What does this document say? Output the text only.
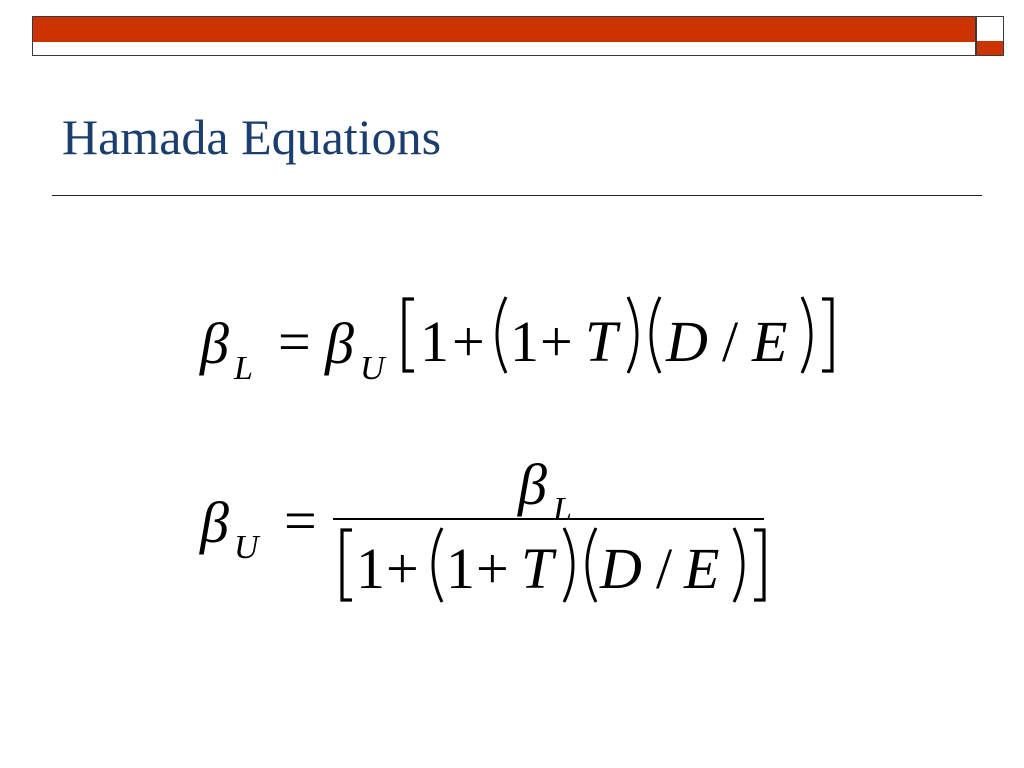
Hamada Equations
β L = β U 1 + 1 + T D / E
β U =
β L
1 + 1 + T D / E
